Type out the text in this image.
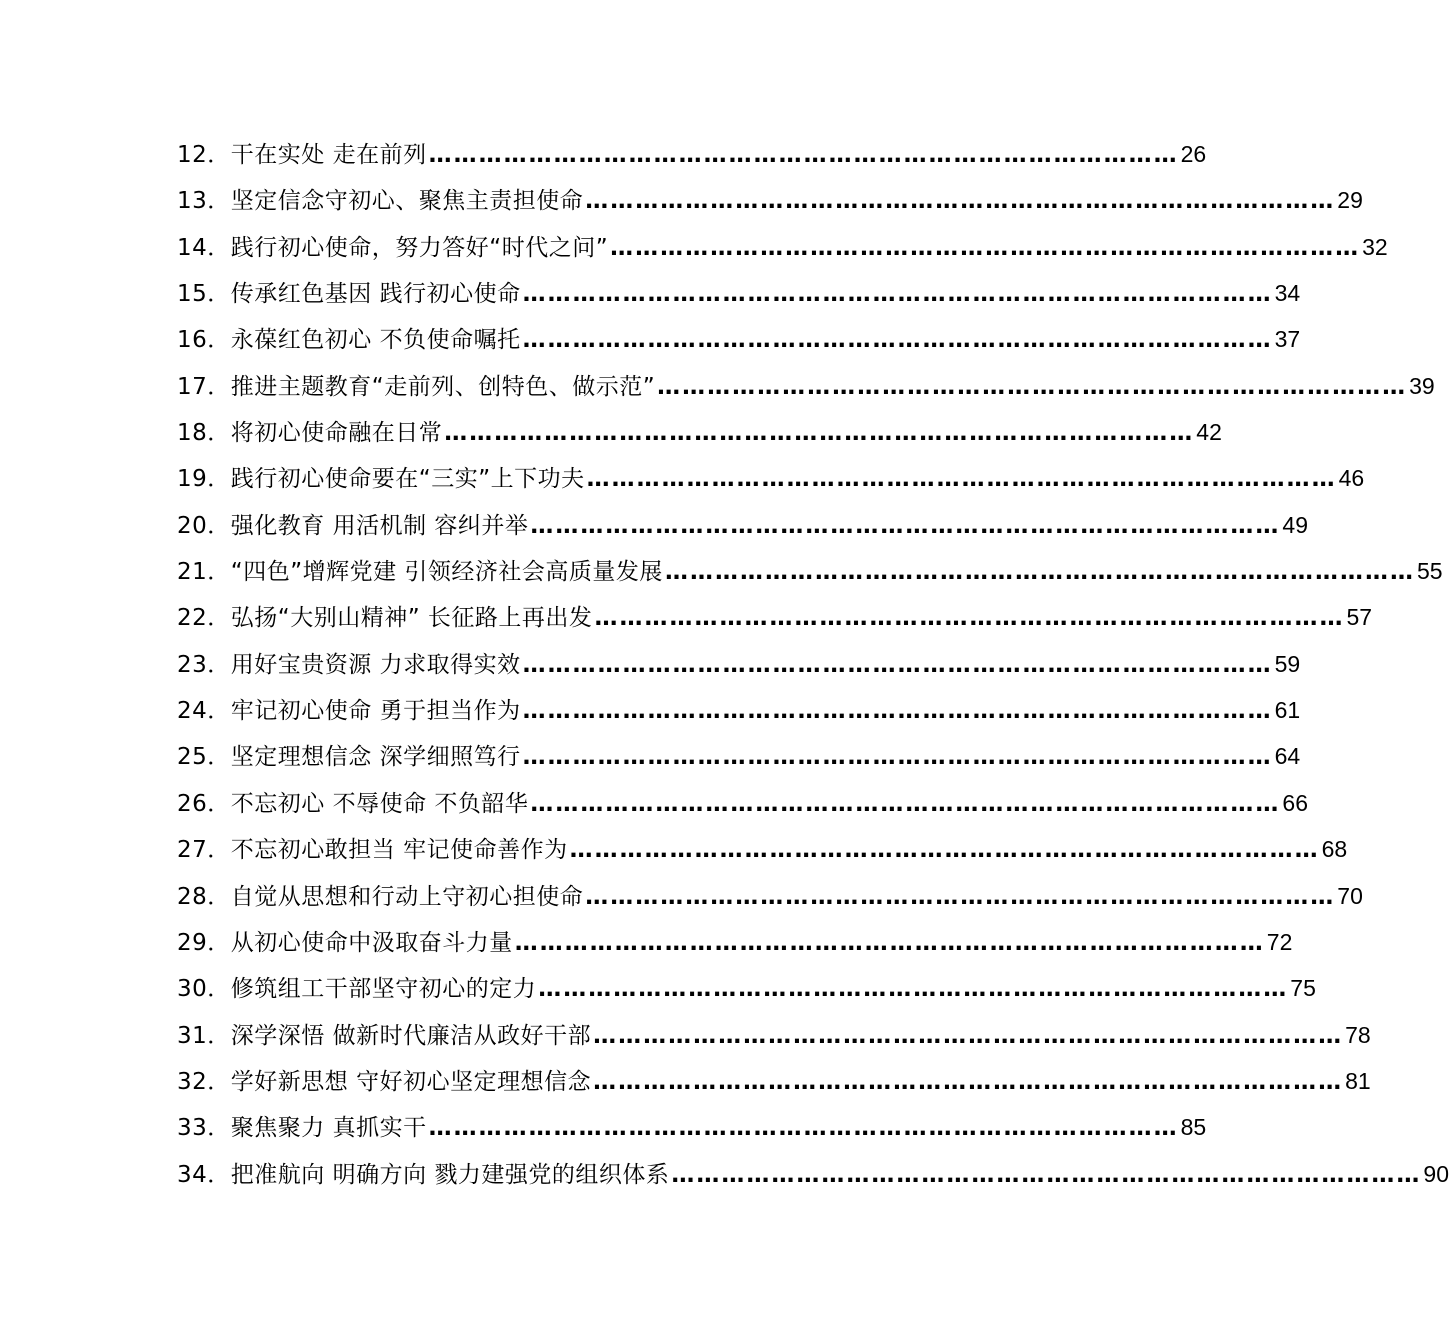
12． 干在实处 走在前列 ……………………………………………………………………………… 26
13． 坚定信念守初心、聚焦主责担使命 ……………………………………………………………………………… 29
14． 践行初心使命，努力答好“时代之问” ……………………………………………………………………………… 32
15． 传承红色基因 践行初心使命 ……………………………………………………………………………… 34
16． 永葆红色初心 不负使命嘱托 ……………………………………………………………………………… 37
17． 推进主题教育“走前列、创特色、做示范” ……………………………………………………………………………… 39
18． 将初心使命融在日常 ……………………………………………………………………………… 42
19． 践行初心使命要在“三实”上下功夫 ……………………………………………………………………………… 46
20． 强化教育 用活机制 容纠并举 ……………………………………………………………………………… 49
21． “四色”增辉党建 引领经济社会高质量发展 ……………………………………………………………………………… 55
22． 弘扬“大别山精神” 长征路上再出发 ……………………………………………………………………………… 57
23． 用好宝贵资源 力求取得实效 ……………………………………………………………………………… 59
24． 牢记初心使命 勇于担当作为 ……………………………………………………………………………… 61
25． 坚定理想信念 深学细照笃行 ……………………………………………………………………………… 64
26． 不忘初心 不辱使命 不负韶华 ……………………………………………………………………………… 66
27． 不忘初心敢担当 牢记使命善作为 ……………………………………………………………………………… 68
28． 自觉从思想和行动上守初心担使命 ……………………………………………………………………………… 70
29． 从初心使命中汲取奋斗力量 ……………………………………………………………………………… 72
30． 修筑组工干部坚守初心的定力 ……………………………………………………………………………… 75
31． 深学深悟 做新时代廉洁从政好干部 ……………………………………………………………………………… 78
32． 学好新思想 守好初心坚定理想信念 ……………………………………………………………………………… 81
33． 聚焦聚力 真抓实干 ……………………………………………………………………………… 85
34． 把准航向 明确方向 戮力建强党的组织体系 ……………………………………………………………………………… 90
